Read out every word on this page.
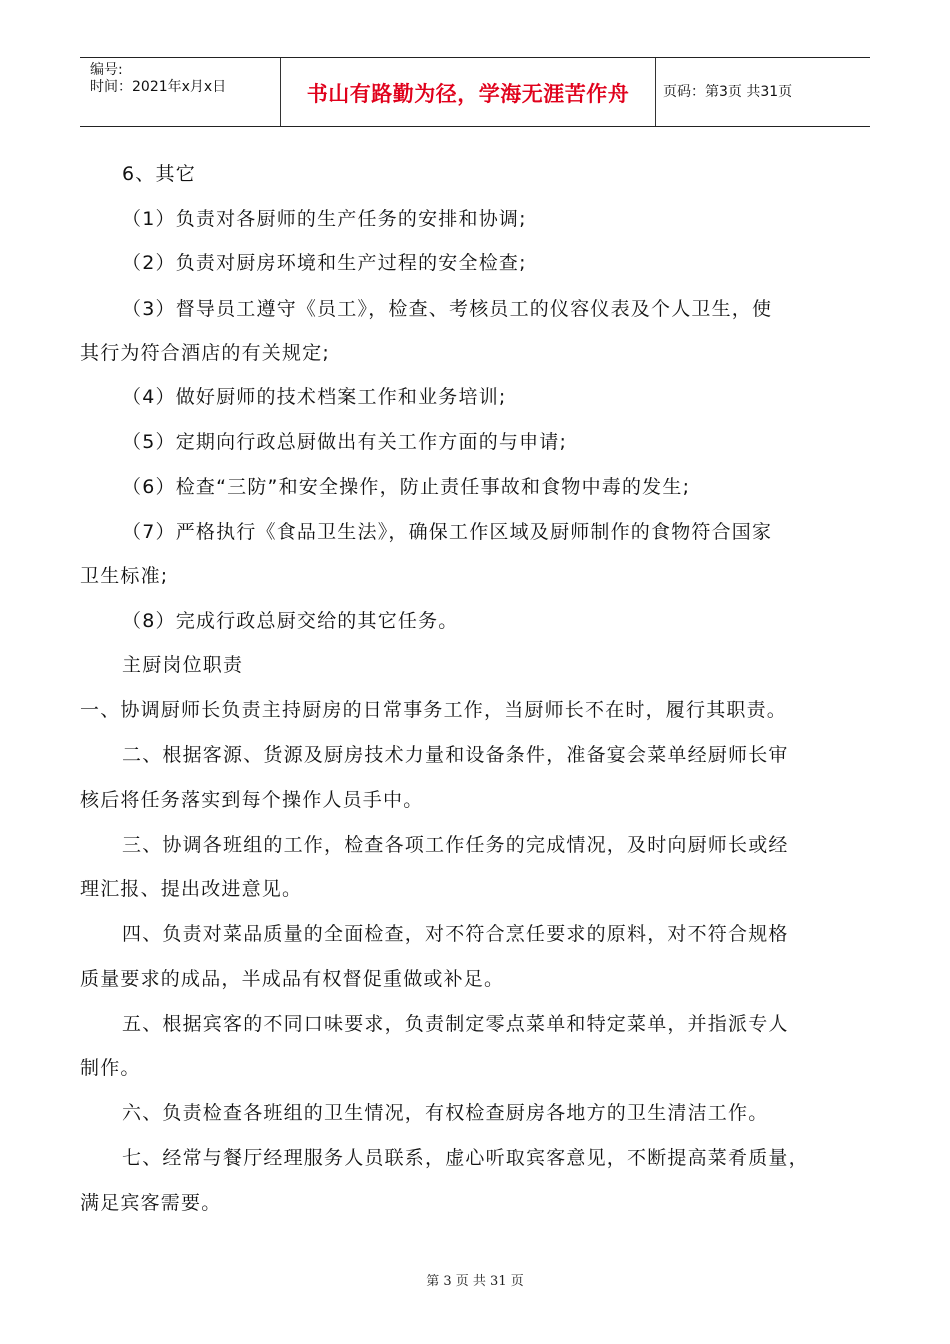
编号:
时间：2021年x月x日	书山有路勤为径，学海无涯苦作舟	页码：第3页 共31页
6、其它
（1）负责对各厨师的生产任务的安排和协调;
（2）负责对厨房环境和生产过程的安全检查;
（3）督导员工遵守《员工》，检查、考核员工的仪容仪表及个人卫生，使
其行为符合酒店的有关规定;
（4）做好厨师的技术档案工作和业务培训;
（5）定期向行政总厨做出有关工作方面的与申请;
（6）检查“三防”和安全操作，防止责任事故和食物中毒的发生;
（7）严格执行《食品卫生法》，确保工作区域及厨师制作的食物符合国家
卫生标准;
（8）完成行政总厨交给的其它任务。
主厨岗位职责
一、协调厨师长负责主持厨房的日常事务工作，当厨师长不在时，履行其职责。
二、根据客源、货源及厨房技术力量和设备条件，准备宴会菜单经厨师长审
核后将任务落实到每个操作人员手中。
三、协调各班组的工作，检查各项工作任务的完成情况，及时向厨师长或经
理汇报、提出改进意见。
四、负责对菜品质量的全面检查，对不符合烹任要求的原料，对不符合规格
质量要求的成品，半成品有权督促重做或补足。
五、根据宾客的不同口味要求，负责制定零点菜单和特定菜单，并指派专人
制作。
六、负责检查各班组的卫生情况，有权检查厨房各地方的卫生清洁工作。
七、经常与餐厅经理服务人员联系，虚心听取宾客意见，不断提高菜肴质量，
满足宾客需要。
第 3 页 共 31 页
